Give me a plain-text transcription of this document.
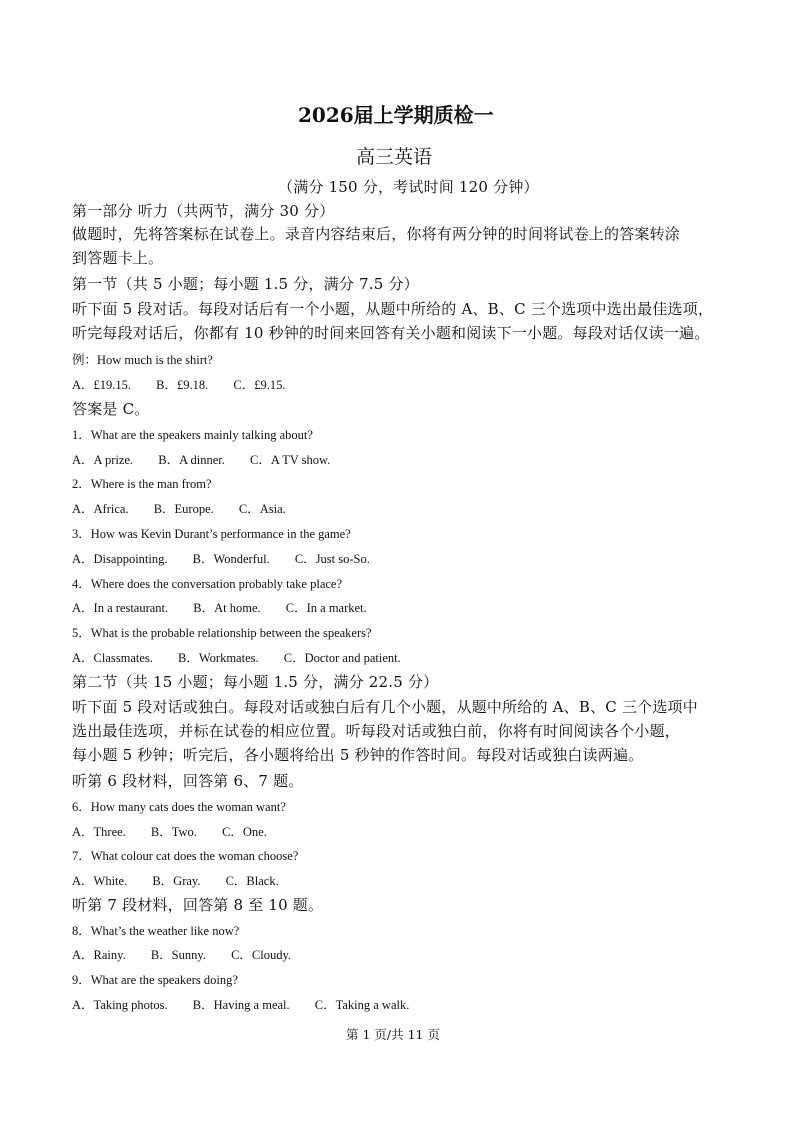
2026届上学期质检一
高三英语
（满分 150 分，考试时间 120 分钟）
第一部分 听力（共两节，满分 30 分）
做题时，先将答案标在试卷上。录音内容结束后，你将有两分钟的时间将试卷上的答案转涂
到答题卡上。
第一节（共 5 小题；每小题 1.5 分，满分 7.5 分）
听下面 5 段对话。每段对话后有一个小题，从题中所给的 A、B、C 三个选项中选出最佳选项，
听完每段对话后，你都有 10 秒钟的时间来回答有关小题和阅读下一小题。每段对话仅读一遍。
例：How much is the shirt?
A．£19.15. B．£9.18. C．£9.15.
答案是 C。
1．What are the speakers mainly talking about?
A．A prize. B．A dinner. C．A TV show.
2．Where is the man from?
A．Africa. B．Europe. C．Asia.
3．How was Kevin Durant’s performance in the game?
A．Disappointing. B．Wonderful. C．Just so-So.
4．Where does the conversation probably take place?
A．In a restaurant. B．At home. C．In a market.
5．What is the probable relationship between the speakers?
A．Classmates. B．Workmates. C．Doctor and patient.
第二节（共 15 小题；每小题 1.5 分，满分 22.5 分）
听下面 5 段对话或独白。每段对话或独白后有几个小题，从题中所给的 A、B、C 三个选项中
选出最佳选项，并标在试卷的相应位置。听每段对话或独白前，你将有时间阅读各个小题，
每小题 5 秒钟；听完后，各小题将给出 5 秒钟的作答时间。每段对话或独白读两遍。
听第 6 段材料，回答第 6、7 题。
6．How many cats does the woman want?
A．Three. B．Two. C．One.
7．What colour cat does the woman choose?
A．White. B．Gray. C．Black.
听第 7 段材料，回答第 8 至 10 题。
8．What’s the weather like now?
A．Rainy. B．Sunny. C．Cloudy.
9．What are the speakers doing?
A．Taking photos. B．Having a meal. C．Taking a walk.
第 1 页/共 11 页
